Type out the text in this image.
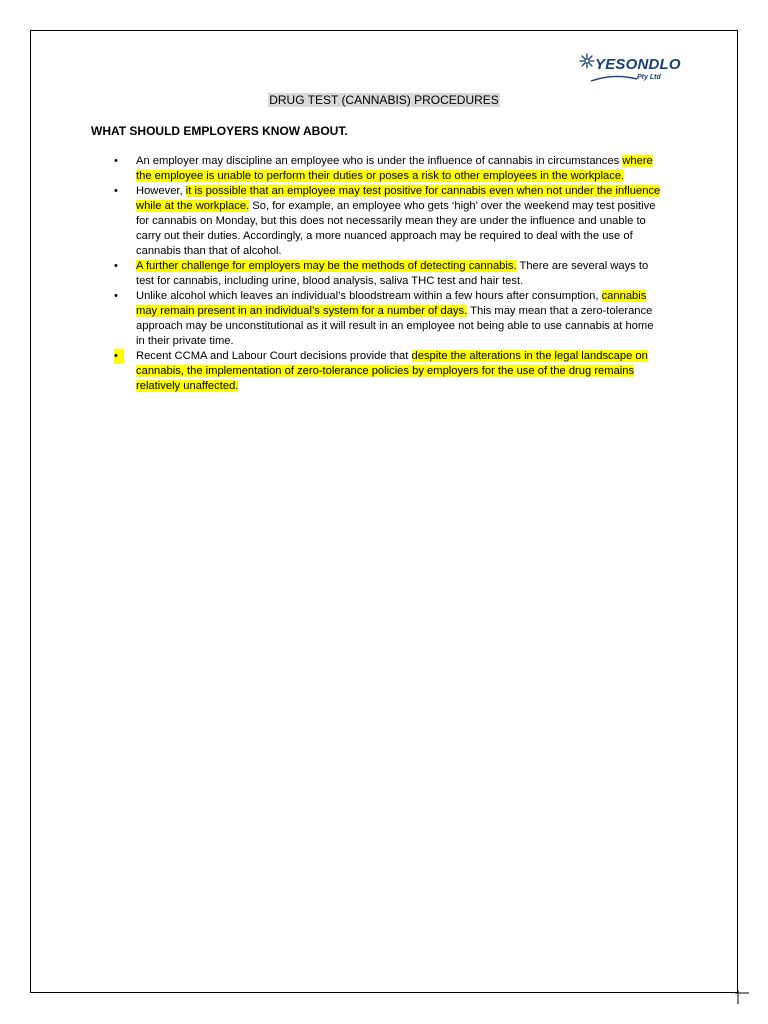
YESONDLO
Pty Ltd
DRUG TEST (CANNABIS) PROCEDURES
WHAT SHOULD EMPLOYERS KNOW ABOUT.
•	An employer may discipline an employee who is under the influence of cannabis in circumstances where the employee is unable to perform their duties or poses a risk to other employees in the workplace.
•	However, it is possible that an employee may test positive for cannabis even when not under the influence while at the workplace. So, for example, an employee who gets ‘high’ over the weekend may test positive for cannabis on Monday, but this does not necessarily mean they are under the influence and unable to carry out their duties. Accordingly, a more nuanced approach may be required to deal with the use of cannabis than that of alcohol.
•	A further challenge for employers may be the methods of detecting cannabis. There are several ways to test for cannabis, including urine, blood analysis, saliva THC test and hair test.
•	Unlike alcohol which leaves an individual’s bloodstream within a few hours after consumption, cannabis may remain present in an individual’s system for a number of days. This may mean that a zero-tolerance approach may be unconstitutional as it will result in an employee not being able to use cannabis at home in their private time.
•	Recent CCMA and Labour Court decisions provide that despite the alterations in the legal landscape on cannabis, the implementation of zero-tolerance policies by employers for the use of the drug remains relatively unaffected.
